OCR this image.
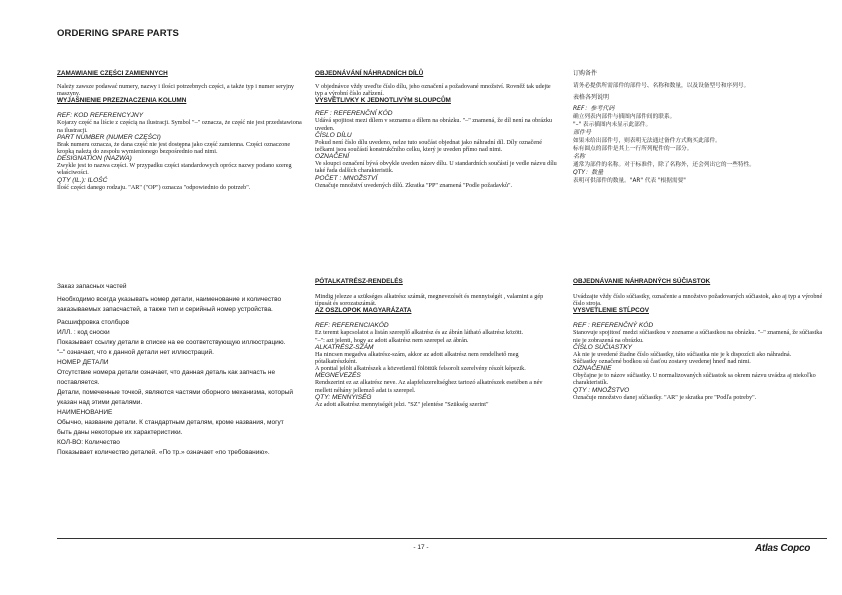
ORDERING SPARE PARTS

ZAMAWIANIE CZĘŚCI ZAMIENNYCH

Należy zawsze podawać numery, nazwy i ilości potrzebnych części, a także typ i numer seryjny maszyny.

WYJAŚNIENIE PRZEZNACZENIA KOLUMN

REF: KOD REFERENCYJNY

Kojarzy część na liście z częścią na ilustracji. Symbol "–" oznacza, że część nie jest przedstawiona na ilustracji.

PART NUMBER (NUMER CZĘŚCI)

Brak numeru oznacza, że dana część nie jest dostępna jako część zamienna. Części oznaczone kropką należą do zespołu wymienionego bezpośrednio nad nimi.

DESIGNATION (NAZWA)

Zwykle jest to nazwa części. W przypadku części standardowych oprócz nazwy podano szereg właściwości.

QTY (IL.): ILOŚĆ

Ilość części danego rodzaju. "AR" ("OP") oznacza "odpowiednio do potrzeb".

OBJEDNÁVÁNÍ NÁHRADNÍCH DÍLŮ

V objednávce vždy uveďte číslo dílu, jeho označení a požadované množství. Rovněž tak udejte typ a výrobní číslo zařízení.

VYSVĚTLIVKY K JEDNOTLIVÝM SLOUPCŮM

REF : REFERENČNÍ KÓD

Udává spojitost mezi dílem v seznamu a dílem na obrázku. "–" znamená, že díl není na obrázku uveden.

ČÍSLO DÍLU

Pokud není číslo dílu uvedeno, nelze tuto součást objednat jako náhradní díl. Díly označené tečkami jsou součástí konstrukčního celku, který je uveden přímo nad nimi.

OZNAČENÍ

Ve sloupci označení bývá obvykle uveden název dílu. U standardních součástí je vedle názvu dílu také řada dalších charakteristik.

POČET : MNOŽSTVÍ

Označuje množství uvedených dílů. Zkratka "PP" znamená "Podle požadavků".

订购备件

请务必提供所需部件的部件号、名称和数量，以及设备型号和序列号。

表格各列说明

REF：参考代码

确立列表内部件与插图内部件间的联系。

"–" 表示插图内未显示此部件。

部件号

如果未给出部件号，则表明无法通过备件方式购买此部件。

标有圆点的部件是其上一行所列配件的一部分。

名称

通常为部件的名称。对于标准件，除了名称外，还会列出它的一些特性。

QTY：数量

表明可供部件的数量。"AR" 代表 "根据需要"

Заказ запасных частей

Необходимо всегда указывать номер детали, наименование и количество заказываемых запасчастей, а также тип и серийный номер устройства.

Расшифровка столбцов

ИЛЛ. : код сноски

Показывает ссылку детали в списке на ее соответствующую иллюстрацию.

"–" означает, что к данной детали нет иллюстраций.

НОМЕР ДЕТАЛИ

Отсутствие номера детали означает, что данная деталь как запчасть не поставляется.

Детали, помеченные точкой, являются частями оборного механизма, который указан над этими деталями.

НАИМЕНОВАНИЕ

Обычно, название детали. К стандартным деталям, кроме названия, могут быть даны некоторые их характеристики.

КОЛ-ВО: Количество

Показывает количество деталей. «По тр.» означает «по требованию».

PÓTALKATRÉSZ-RENDELÉS

Mindig jelezze a szükséges alkatrész számát, megnevezését és mennyiségét , valamint a gép típusát és sorozatszámát.

AZ OSZLOPOK MAGYARÁZATA

REF: REFERENCIAKÓD

Ez teremt kapcsolatot a listán szereplő alkatrész és az ábrán látható alkatrész között.

"–": azt jelenti, hogy az adott alkatrész nem szerepel az ábrán.

ALKATRÉSZ-SZÁM

Ha nincsen megadva alkatrész-szám, akkor az adott alkatrész nem rendelhető meg pótalkatrészként.

A ponttal jelölt alkatrészek a közvetlenül fölöttük felsorolt szerelvény részét képezik.

MEGNEVEZÉS

Rendszerint ez az alkatrész neve. Az alapfelszereltséghez tartozó alkatrészek esetében a név mellett néhány jellemző adat is szerepel.

QTY: MENNYISÉG

Az adott alkatrész mennyiségét jelzi. "SZ" jelentése "Szükség szerint"

OBJEDNÁVANIE NÁHRADNÝCH SÚČIASTOK

Uvádzajte vždy číslo súčiastky, označenie a množstvo požadovaných súčiastok, ako aj typ a výrobné číslo stroja.

VYSVETLENIE STĹPCOV

REF : REFERENČNÝ KÓD

Stanovuje spojitosť medzi súčiastkou v zozname a súčiastkou na obrázku. "–" znamená, že súčiastka nie je zobrazená na obrázku.

ČÍSLO SÚČIASTKY

Ak nie je uvedené žiadne číslo súčiastky, táto súčiastka nie je k dispozícii ako náhradná.

Súčiastky označené bodkou sú časťou zostavy uvedenej hneď nad nimi.

OZNAČENIE

Obyčajne je to názov súčiastky. U normalizovaných súčiastok sa okrem názvu uvádza aj niekoľko charakteristík.

QTY : MNOŽSTVO

Označuje množstvo danej súčiastky. "AR" je skratka pre "Podľa potreby".

- 17 -	Atlas Copco
